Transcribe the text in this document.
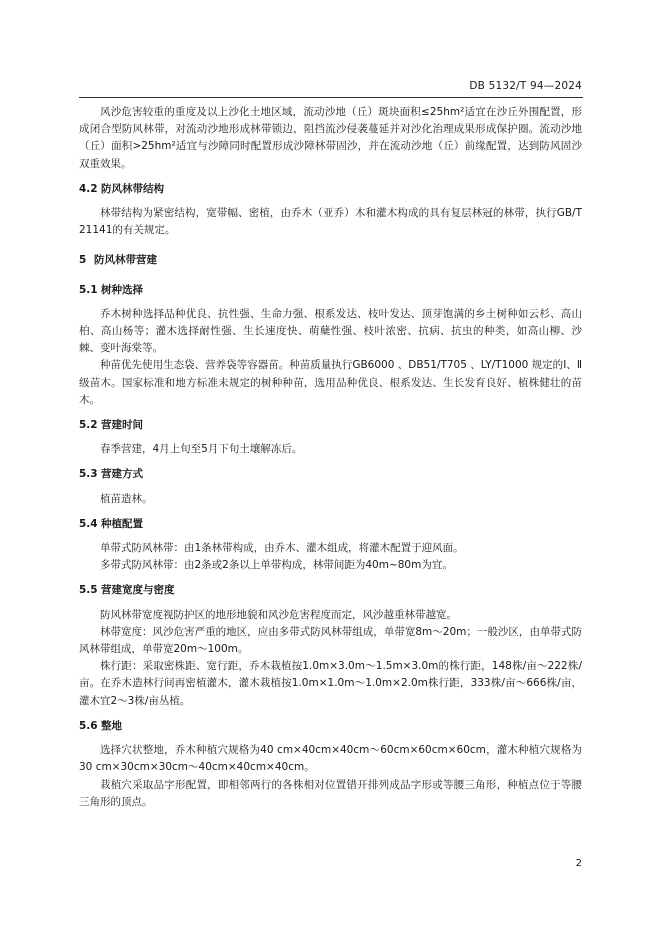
DB 5132/T 94—2024

风沙危害较重的重度及以上沙化土地区域，流动沙地（丘）斑块面积≤25hm²适宜在沙丘外围配置，形成闭合型防风林带，对流动沙地形成林带锁边，阻挡流沙侵袭蔓延并对沙化治理成果形成保护圈。流动沙地（丘）面积>25hm²适宜与沙障同时配置形成沙障林带固沙，并在流动沙地（丘）前缘配置，达到防风固沙双重效果。

4.2 防风林带结构

林带结构为紧密结构，宽带幅、密植，由乔木（亚乔）木和灌木构成的具有复层林冠的林带，执行GB/T 21141的有关规定。

5 防风林带营建
5.1 树种选择

乔木树种选择品种优良、抗性强、生命力强、根系发达、枝叶发达、顶芽饱满的乡土树种如云杉、高山柏、高山杨等；灌木选择耐性强、生长速度快、萌蘖性强、枝叶浓密、抗病、抗虫的种类，如高山柳、沙棘、变叶海棠等。

种苗优先使用生态袋、营养袋等容器苗。种苗质量执行GB6000 、DB51/T705 、LY/T1000 规定的Ⅰ、Ⅱ级苗木。国家标准和地方标准未规定的树种种苗，选用品种优良、根系发达、生长发育良好、植株健壮的苗木。

5.2 营建时间

春季营建，4月上旬至5月下旬土壤解冻后。

5.3 营建方式

植苗造林。

5.4 种植配置

单带式防风林带：由1条林带构成，由乔木、灌木组成，将灌木配置于迎风面。

多带式防风林带：由2条或2条以上单带构成，林带间距为40m~80m为宜。

5.5 营建宽度与密度

防风林带宽度视防护区的地形地貌和风沙危害程度而定，风沙越重林带越宽。

林带宽度：风沙危害严重的地区，应由多带式防风林带组成，单带宽8m～20m；一般沙区，由单带式防风林带组成，单带宽20m～100m。

株行距：采取密株距、宽行距，乔木栽植按1.0m×3.0m～1.5m×3.0m的株行距，148株/亩～222株/亩。在乔木造林行间再密植灌木，灌木栽植按1.0m×1.0m～1.0m×2.0m株行距，333株/亩～666株/亩，灌木宜2～3株/亩丛植。

5.6 整地

选择穴状整地，乔木种植穴规格为40 cm×40cm×40cm～60cm×60cm×60cm，灌木种植穴规格为30 cm×30cm×30cm～40cm×40cm×40cm。

栽植穴采取品字形配置，即相邻两行的各株相对位置错开排列成品字形或等腰三角形，种植点位于等腰三角形的顶点。

2
